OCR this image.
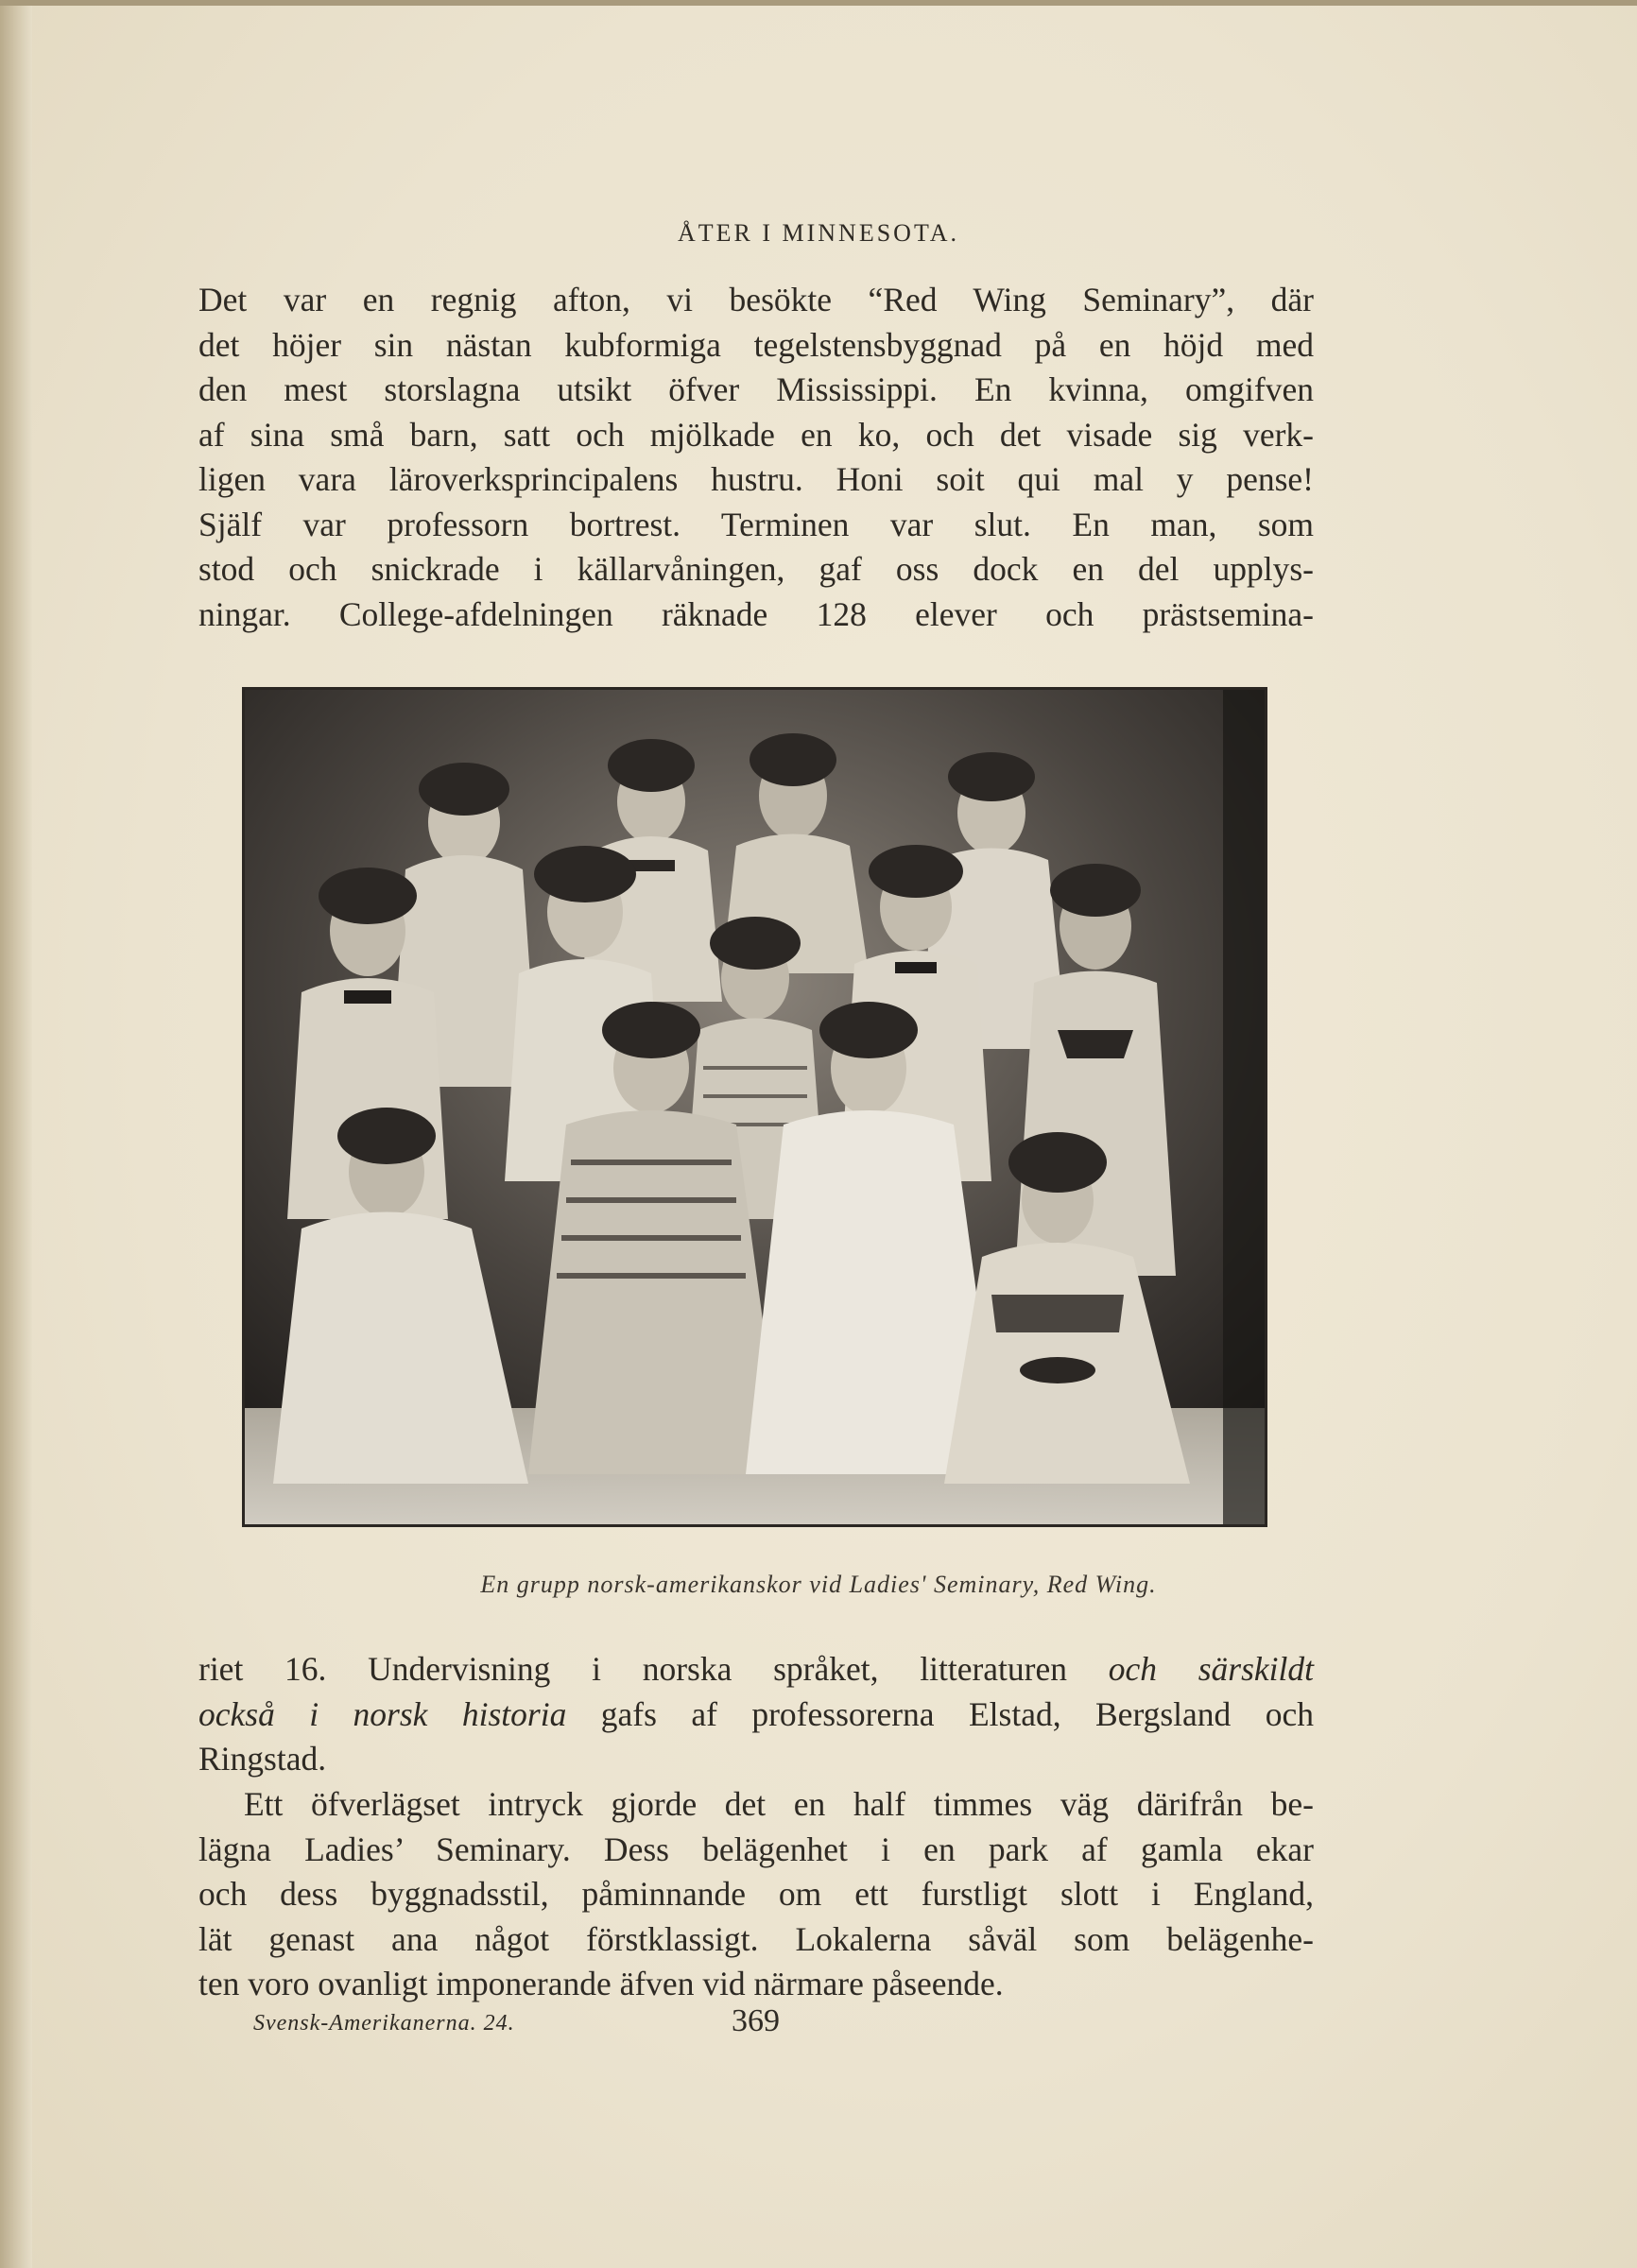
ÅTER I MINNESOTA.
Det var en regnig afton, vi besökte “Red Wing Seminary”, där
det höjer sin nästan kubformiga tegelstensbyggnad på en höjd med
den mest storslagna utsikt öfver Mississippi. En kvinna, omgifven
af sina små barn, satt och mjölkade en ko, och det visade sig verk-
ligen vara läroverksprincipalens hustru. Honi soit qui mal y pense!
Själf var professorn bortrest. Terminen var slut. En man, som
stod och snickrade i källarvåningen, gaf oss dock en del upplys-
ningar. College-afdelningen räknade 128 elever och prästsemina-
En grupp norsk-amerikanskor vid Ladies' Seminary, Red Wing.
riet 16. Undervisning i norska språket, litteraturen och särskildt
också i norsk historia gafs af professorerna Elstad, Bergsland och
Ringstad.
Ett öfverlägset intryck gjorde det en half timmes väg därifrån be-
lägna Ladies’ Seminary. Dess belägenhet i en park af gamla ekar
och dess byggnadsstil, påminnande om ett furstligt slott i England,
lät genast ana något förstklassigt. Lokalerna såväl som belägenhe-
ten voro ovanligt imponerande äfven vid närmare påseende.
Svensk-Amerikanerna. 24.	369
